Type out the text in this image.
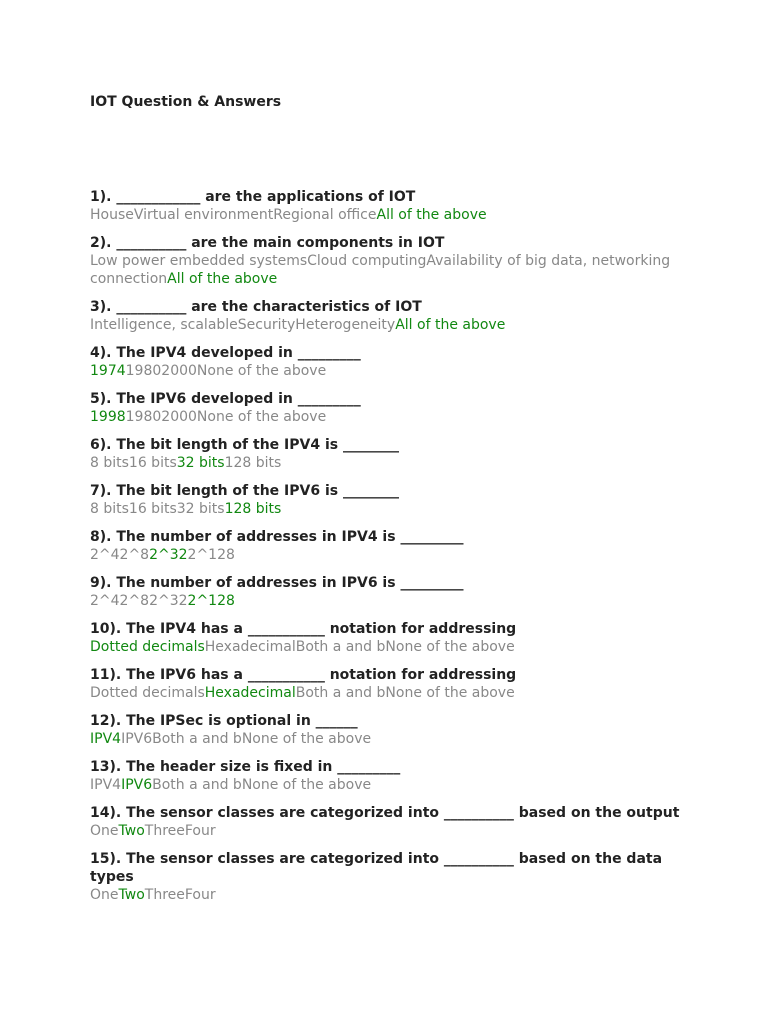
IOT Question & Answers

1). ____________ are the applications of IOT

HouseVirtual environmentRegional officeAll of the above

2). __________ are the main components in IOT

Low power embedded systemsCloud computingAvailability of big data, networking connectionAll of the above

3). __________ are the characteristics of IOT

Intelligence, scalableSecurityHeterogeneityAll of the above

4). The IPV4 developed in _________

197419802000None of the above

5). The IPV6 developed in _________

199819802000None of the above

6). The bit length of the IPV4 is ________

8 bits16 bits32 bits128 bits

7). The bit length of the IPV6 is ________

8 bits16 bits32 bits128 bits

8). The number of addresses in IPV4 is _________

2^42^82^322^128

9). The number of addresses in IPV6 is _________

2^42^82^322^128

10). The IPV4 has a ___________ notation for addressing

Dotted decimalsHexadecimalBoth a and bNone of the above

11). The IPV6 has a ___________ notation for addressing

Dotted decimalsHexadecimalBoth a and bNone of the above

12). The IPSec is optional in ______

IPV4IPV6Both a and bNone of the above

13). The header size is fixed in _________

IPV4IPV6Both a and bNone of the above

14). The sensor classes are categorized into __________ based on the output

OneTwoThreeFour

15). The sensor classes are categorized into __________ based on the data types

OneTwoThreeFour
